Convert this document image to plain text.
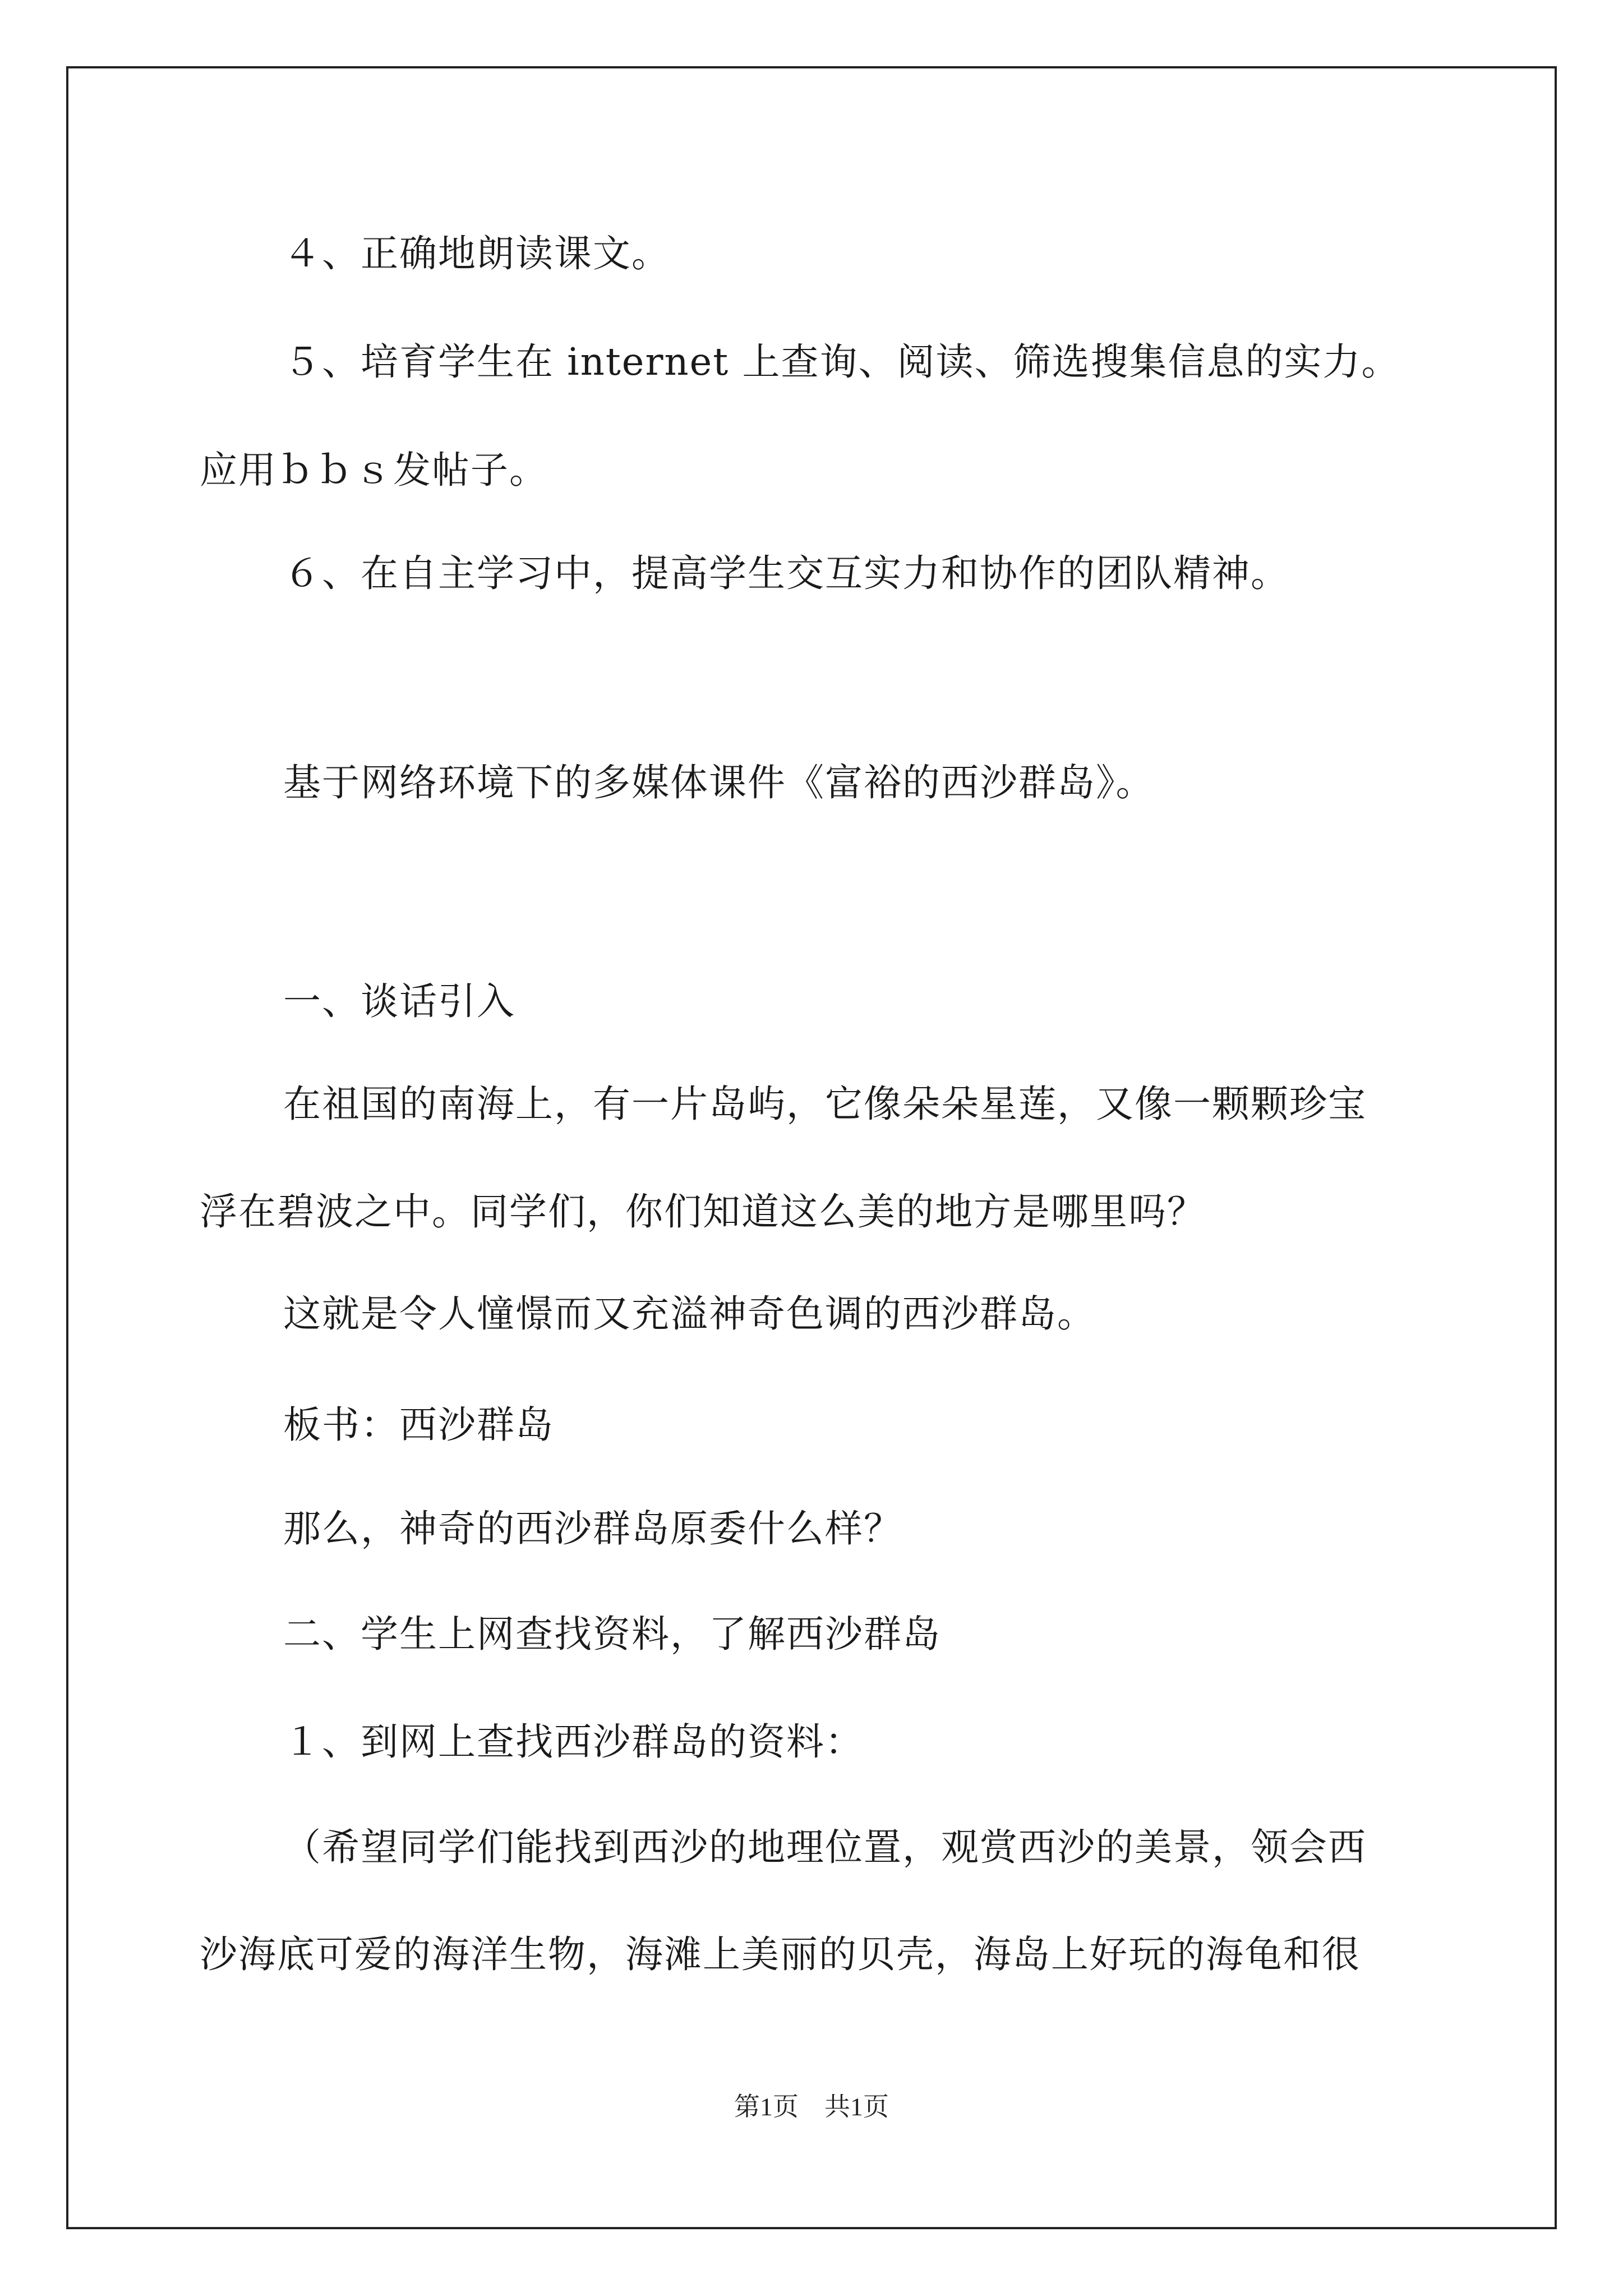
４、正确地朗读课文。
５、培育学生在 internet 上查询、阅读、筛选搜集信息的实力。
应用ｂｂｓ发帖子。
６、在自主学习中，提高学生交互实力和协作的团队精神。
基于网络环境下的多媒体课件《富裕的西沙群岛》。
一、谈话引入
在祖国的南海上，有一片岛屿，它像朵朵星莲，又像一颗颗珍宝
浮在碧波之中。同学们，你们知道这么美的地方是哪里吗？
这就是令人憧憬而又充溢神奇色调的西沙群岛。
板书：西沙群岛
那么，神奇的西沙群岛原委什么样？
二、学生上网查找资料，了解西沙群岛
１、到网上查找西沙群岛的资料：
（希望同学们能找到西沙的地理位置，观赏西沙的美景，领会西
沙海底可爱的海洋生物，海滩上美丽的贝壳，海岛上好玩的海龟和很
第1页　共1页
